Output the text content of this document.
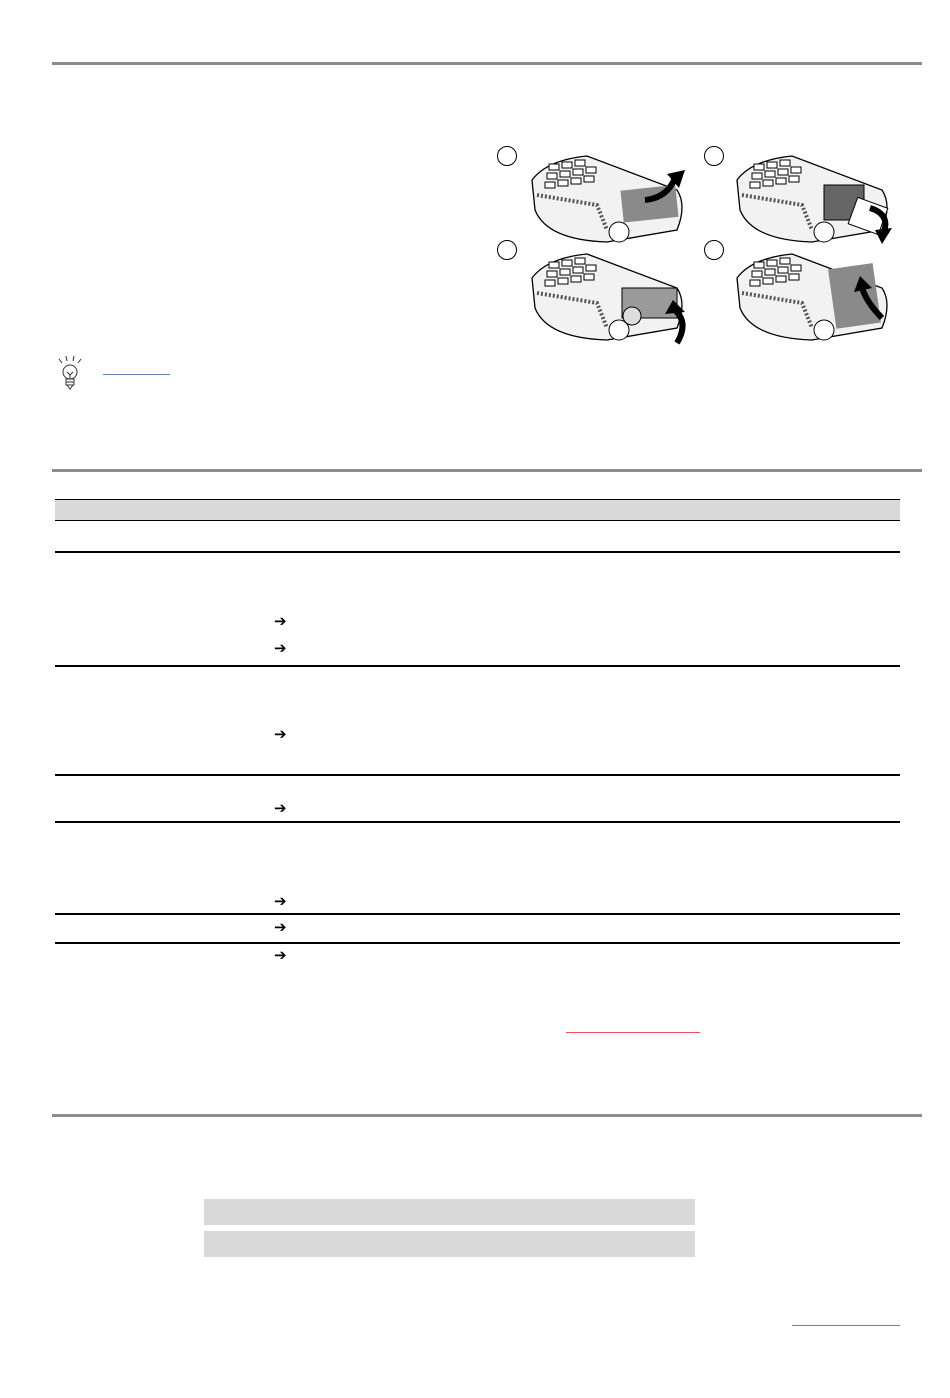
➔
➔
➔
➔
➔
➔
➔
